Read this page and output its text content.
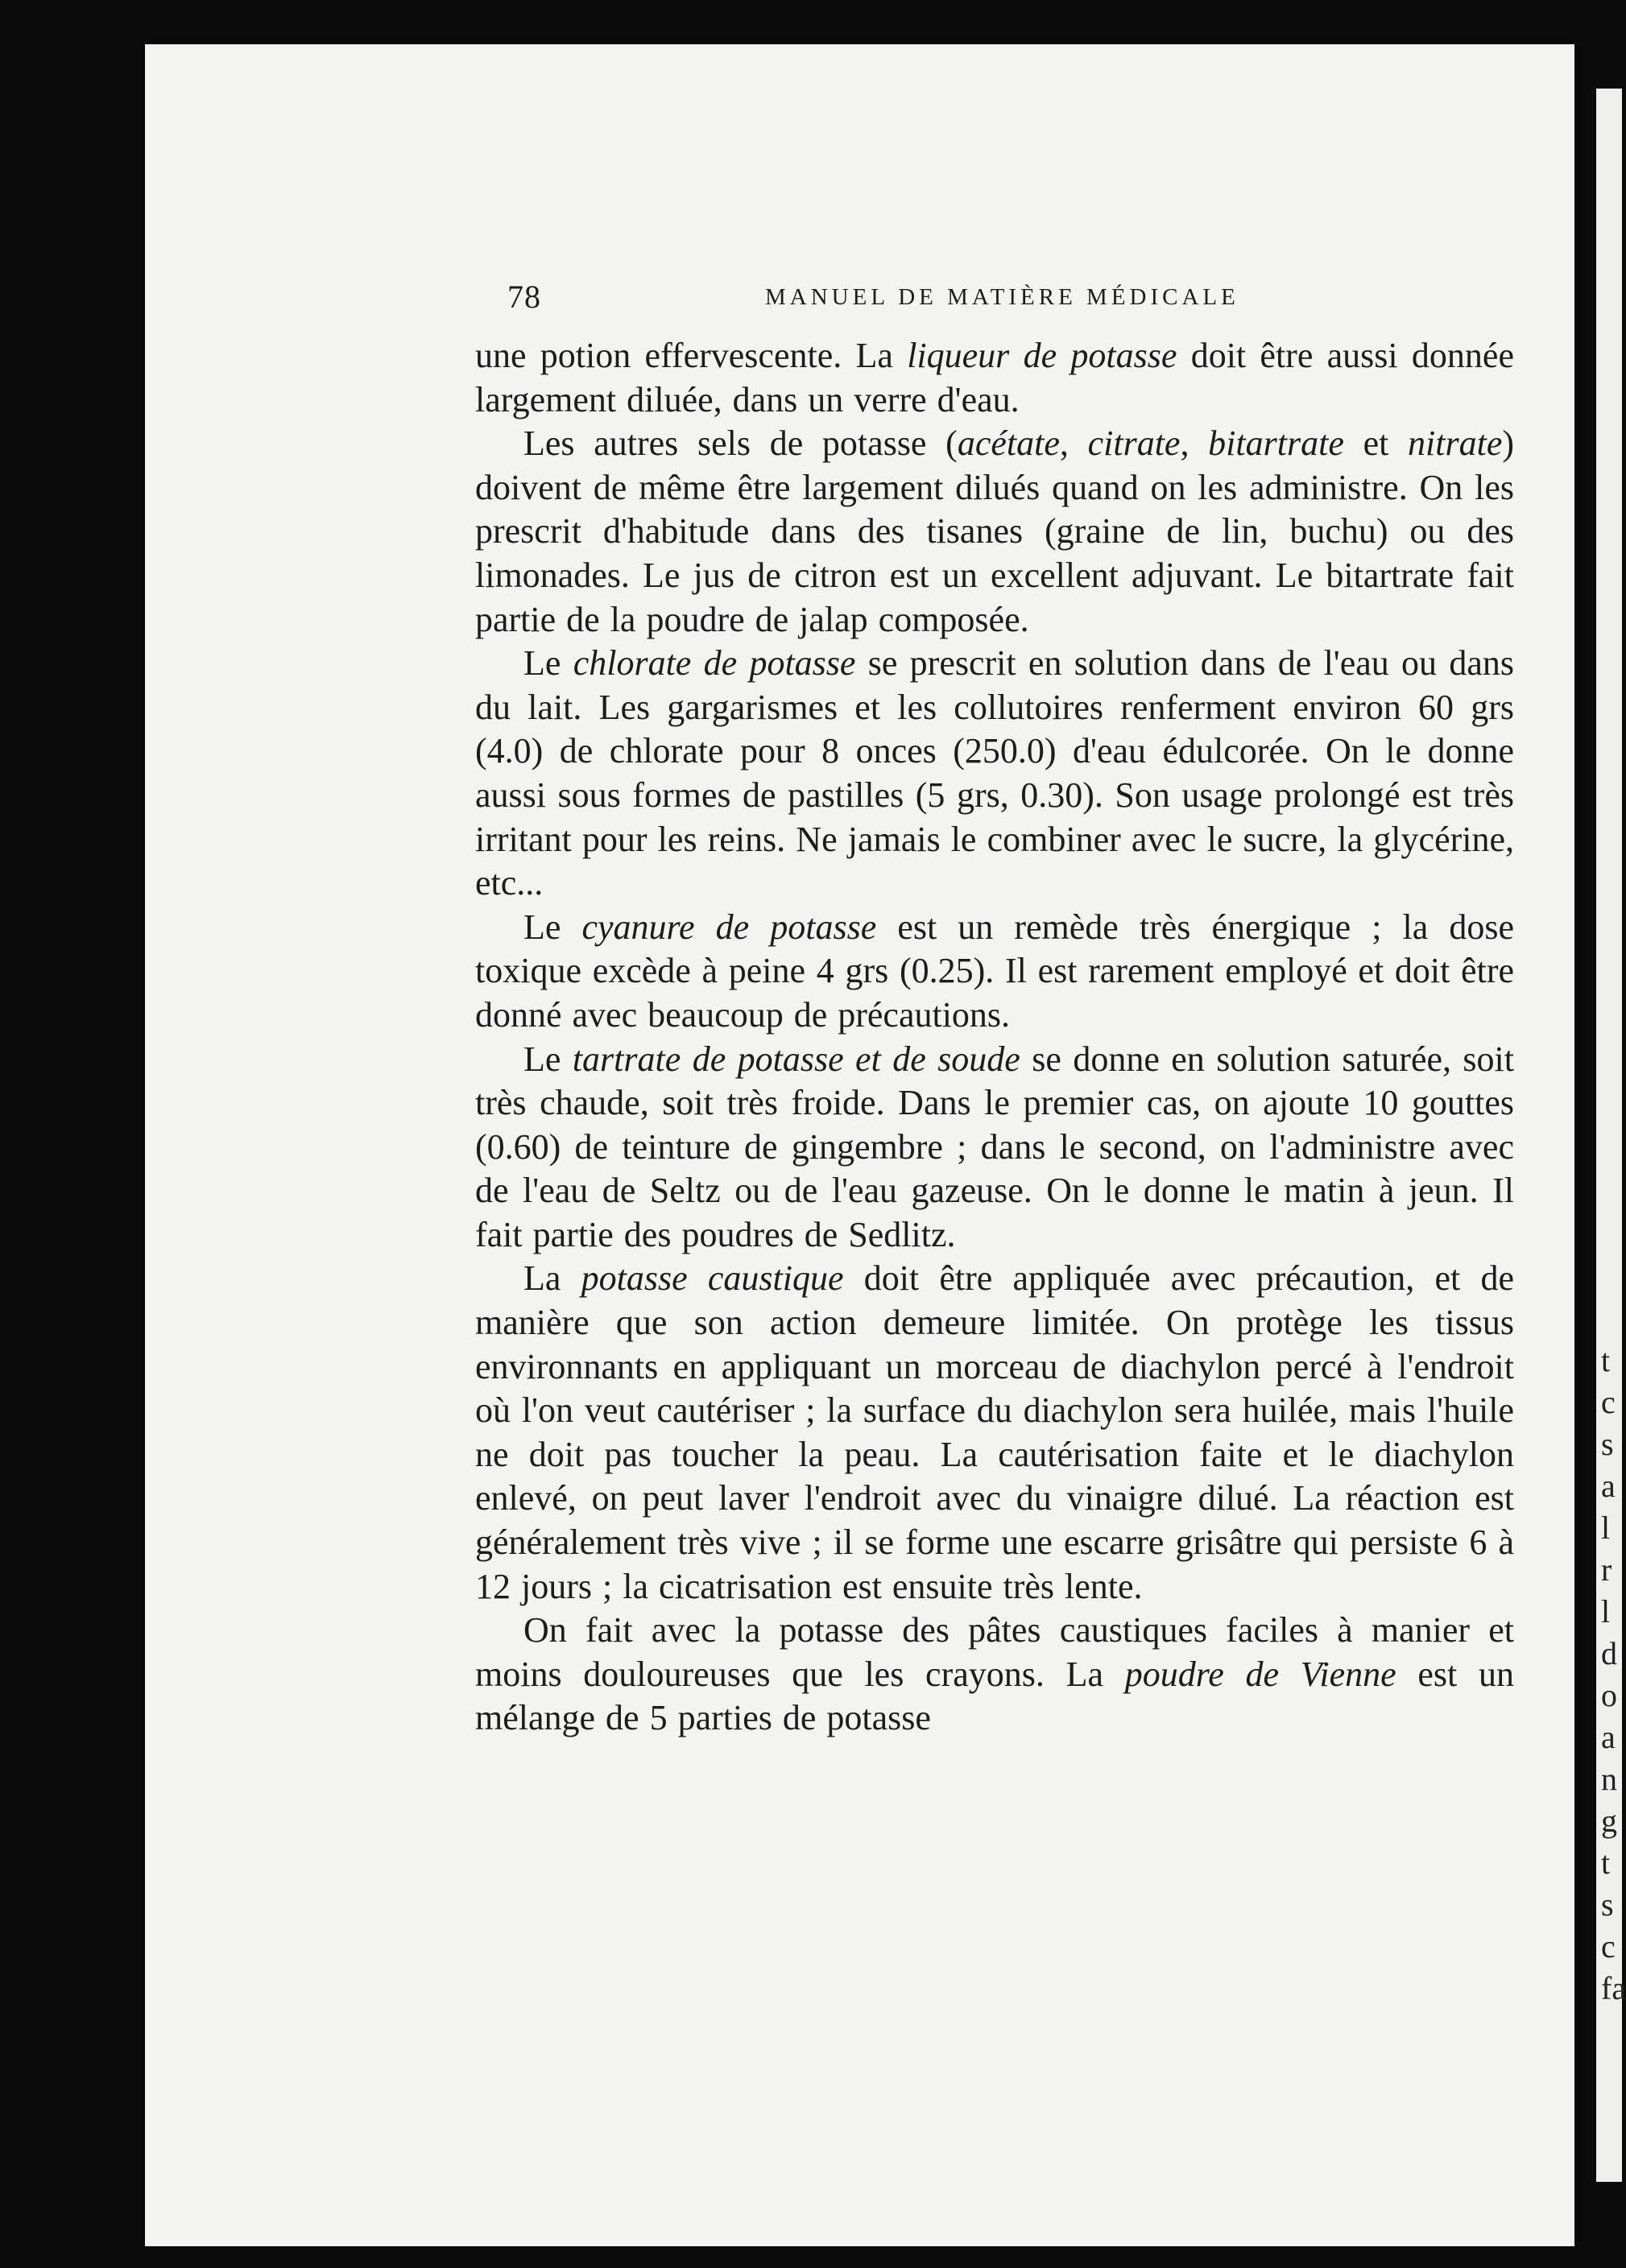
t
c
s
a
l
r
l
d
o
a
n
g
t
s
c
fa
78	MANUEL DE MATIÈRE MÉDICALE

une potion effervescente. La liqueur de potasse doit être aussi donnée largement diluée, dans un verre d'eau.

Les autres sels de potasse (acétate, citrate, bitartrate et nitrate) doivent de même être largement dilués quand on les administre. On les prescrit d'habitude dans des tisanes (graine de lin, buchu) ou des limonades. Le jus de citron est un excellent adjuvant. Le bitartrate fait partie de la poudre de jalap composée.

Le chlorate de potasse se prescrit en solution dans de l'eau ou dans du lait. Les gargarismes et les collutoires renferment environ 60 grs (4.0) de chlorate pour 8 onces (250.0) d'eau édulcorée. On le donne aussi sous formes de pastilles (5 grs, 0.30). Son usage prolongé est très irritant pour les reins. Ne jamais le combiner avec le sucre, la glycérine, etc...

Le cyanure de potasse est un remède très énergique ; la dose toxique excède à peine 4 grs (0.25). Il est rarement employé et doit être donné avec beaucoup de précautions.

Le tartrate de potasse et de soude se donne en solution saturée, soit très chaude, soit très froide. Dans le premier cas, on ajoute 10 gouttes (0.60) de teinture de gingembre ; dans le second, on l'administre avec de l'eau de Seltz ou de l'eau gazeuse. On le donne le matin à jeun. Il fait partie des poudres de Sedlitz.

La potasse caustique doit être appliquée avec précaution, et de manière que son action demeure limitée. On protège les tissus environnants en appliquant un morceau de diachylon percé à l'endroit où l'on veut cautériser ; la surface du diachylon sera huilée, mais l'huile ne doit pas toucher la peau. La cautérisation faite et le diachylon enlevé, on peut laver l'endroit avec du vinaigre dilué. La réaction est généralement très vive ; il se forme une escarre grisâtre qui persiste 6 à 12 jours ; la cicatrisation est ensuite très lente.

On fait avec la potasse des pâtes caustiques faciles à manier et moins douloureuses que les crayons. La poudre de Vienne est un mélange de 5 parties de potasse
